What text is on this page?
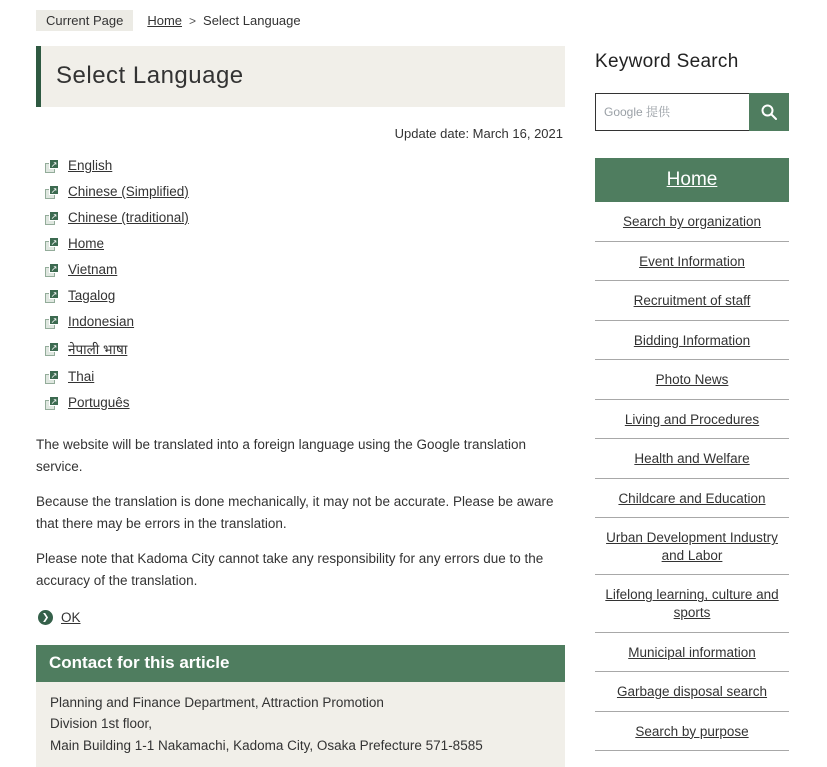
Current Page	Home > Select Language
Select Language
Update date: March 16, 2021
↗ English
↗ Chinese (Simplified)
↗ Chinese (traditional)
↗ Home
↗ Vietnam
↗ Tagalog
↗ Indonesian
↗ नेपाली भाषा
↗ Thai
↗ Português

The website will be translated into a foreign language using the Google translation service.

Because the translation is done mechanically, it may not be accurate. Please be aware that there may be errors in the translation.

Please note that Kadoma City cannot take any responsibility for any errors due to the accuracy of the translation.

❯ OK
Contact for this article
Planning and Finance Department, Attraction Promotion
Division 1st floor,
Main Building 1-1 Nakamachi, Kadoma City, Osaka Prefecture 571-8585
Keyword Search
Google 提供
Home
Search by organization
Event Information
Recruitment of staff
Bidding Information
Photo News
Living and Procedures
Health and Welfare
Childcare and Education
Urban Development Industry and Labor
Lifelong learning, culture and sports
Municipal information
Garbage disposal search
Search by purpose
